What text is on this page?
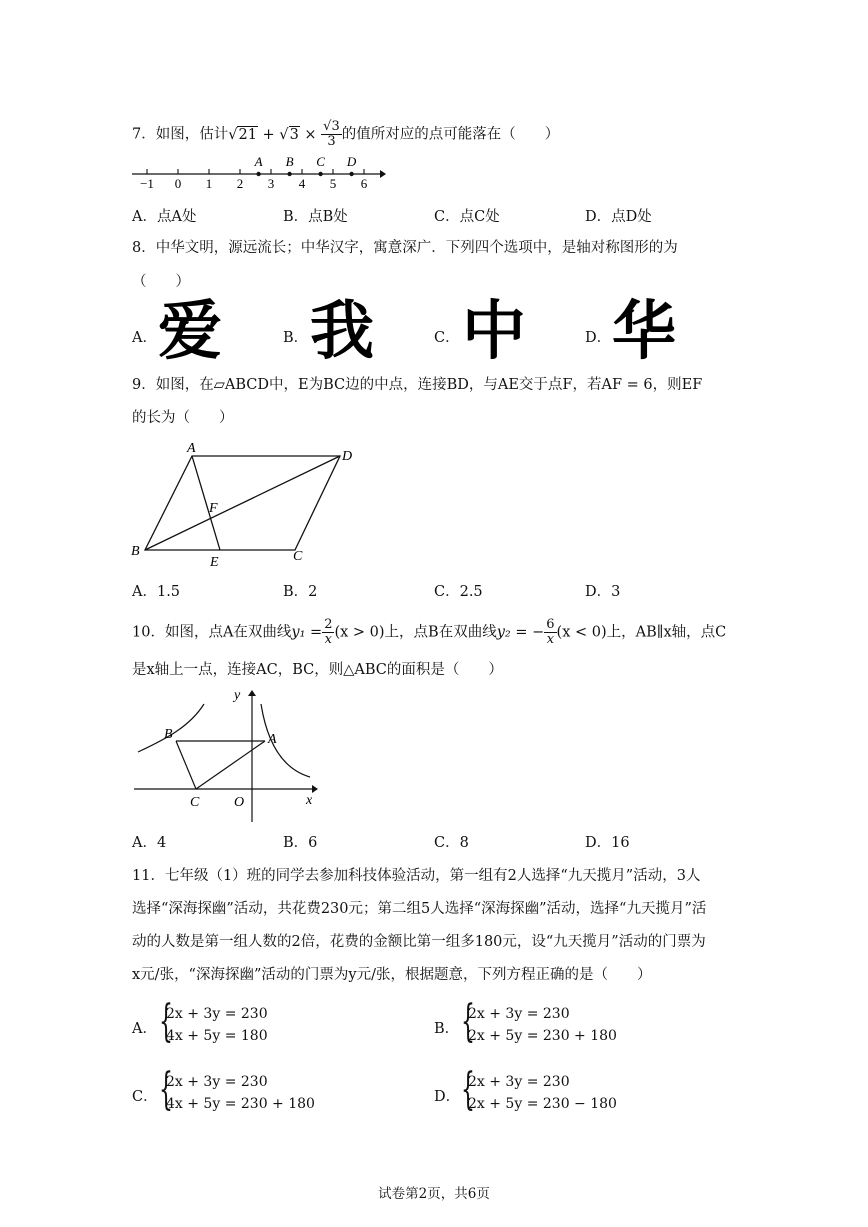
7．如图，估计$√21 + √3 \times \frac{√3}{3}$ 的值所对应的点可能落在（　　）
−1 0 1 2 3 4 5 6
A B C D
A．点A处	B．点B处	C．点C处	D．点D处
8．中华文明，源远流长；中华汉字，寓意深广．下列四个选项中，是轴对称图形的为
（　　）
A． 爱	B． 我	C． 中	D． 华
9．如图，在▱ABCD中，E为BC边的中点，连接BD，与AE交于点F，若AF = 6，则EF
的长为（　　）
A
D
F
B
E	C
A．1.5	B．2	C．2.5	D．3
10．如图，点A在双曲线$y_1 = \frac{2}{x} (x > 0)$上，点B在双曲线y₂ = − $\frac{6}{x} (x < 0)$上，AB∥x轴，点C
是x轴上一点，连接AC，BC，则△ABC的面积是（　　）
y
B	A
C O	x
A．4	B．6	C．8	D．16
11．七年级（1）班的同学去参加科技体验活动，第一组有2人选择“九天揽月”活动，3人
选择“深海探幽”活动，共花费230元；第二组5人选择“深海探幽”活动，选择“九天揽月”活
动的人数是第一组人数的2倍，花费的金额比第一组多180元，设“九天揽月”活动的门票为
x元/张，“深海探幽”活动的门票为y元/张，根据题意，下列方程正确的是（　　）
A． {
2x + 3y = 230
4x + 5y = 180	B． {
2x + 3y = 230
2x + 5y = 230 + 180
C． {
2x + 3y = 230
4x + 5y = 230 + 180	D． {
2x + 3y = 230
2x + 5y = 230 − 180
试卷第2页，共6页
